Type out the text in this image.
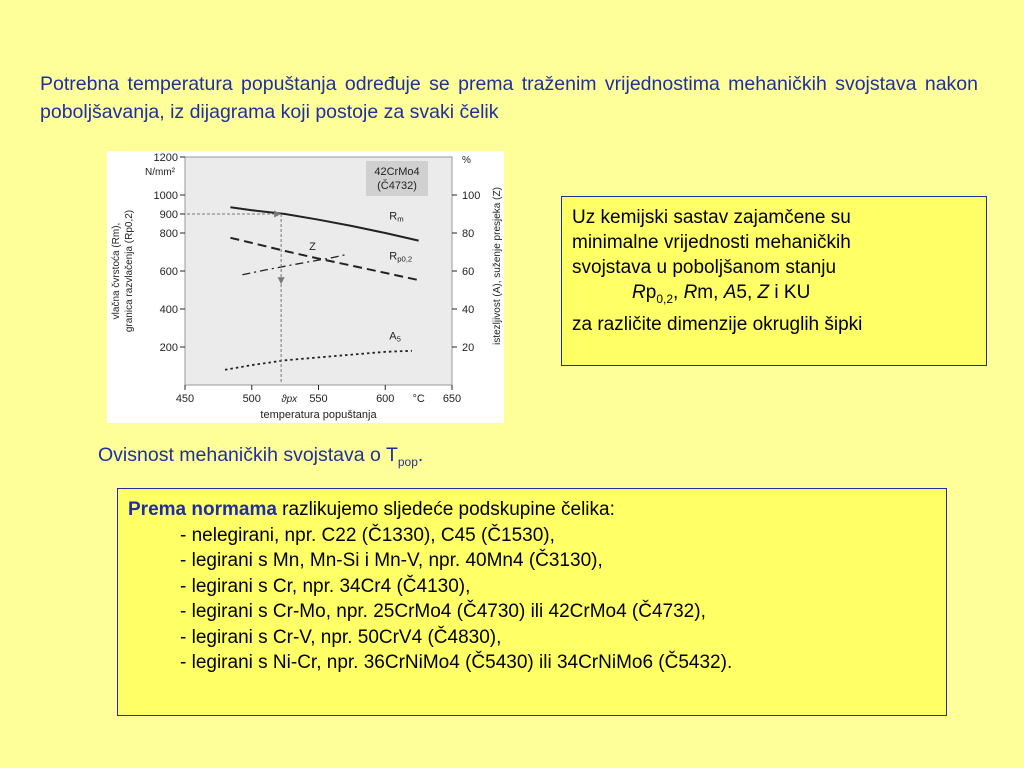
Potrebna temperatura popuštanja određuje se prema traženim vrijednostima mehaničkih svojstava nakon poboljšavanja, iz dijagrama koji postoje za svaki čelik

200
400
600
800
900
1000
1200
20
40
60
80
100
450	500	550	600	650
°C
ϑpx
temperatura popuštanja
N/mm²
%
vlačna čvrstoća (Rm), granica razvlačenja (Rp0,2)	istezljivost (A), suženje presjeka (Z)
42CrMo4
(Č4732)
Rm
Rp0,2
Z
A5
Ovisnost mehaničkih svojstava o $T_{pop}$.

Uz kemijski sastav zajamčene su

minimalne vrijednosti mehaničkih

svojstava u poboljšanom stanju

$Rp_{0,2}$, Rm, A5, Z i KU

za različite dimenzije okruglih šipki

Prema normama razlikujemo sljedeće podskupine čelika:

- nelegirani, npr. C22 (Č1330), C45 (Č1530),
- legirani s Mn, Mn-Si i Mn-V, npr. 40Mn4 (Č3130),
- legirani s Cr, npr. 34Cr4 (Č4130),
- legirani s Cr-Mo, npr. 25CrMo4 (Č4730) ili 42CrMo4 (Č4732),
- legirani s Cr-V, npr. 50CrV4 (Č4830),
- legirani s Ni-Cr, npr. 36CrNiMo4 (Č5430) ili 34CrNiMo6 (Č5432).
